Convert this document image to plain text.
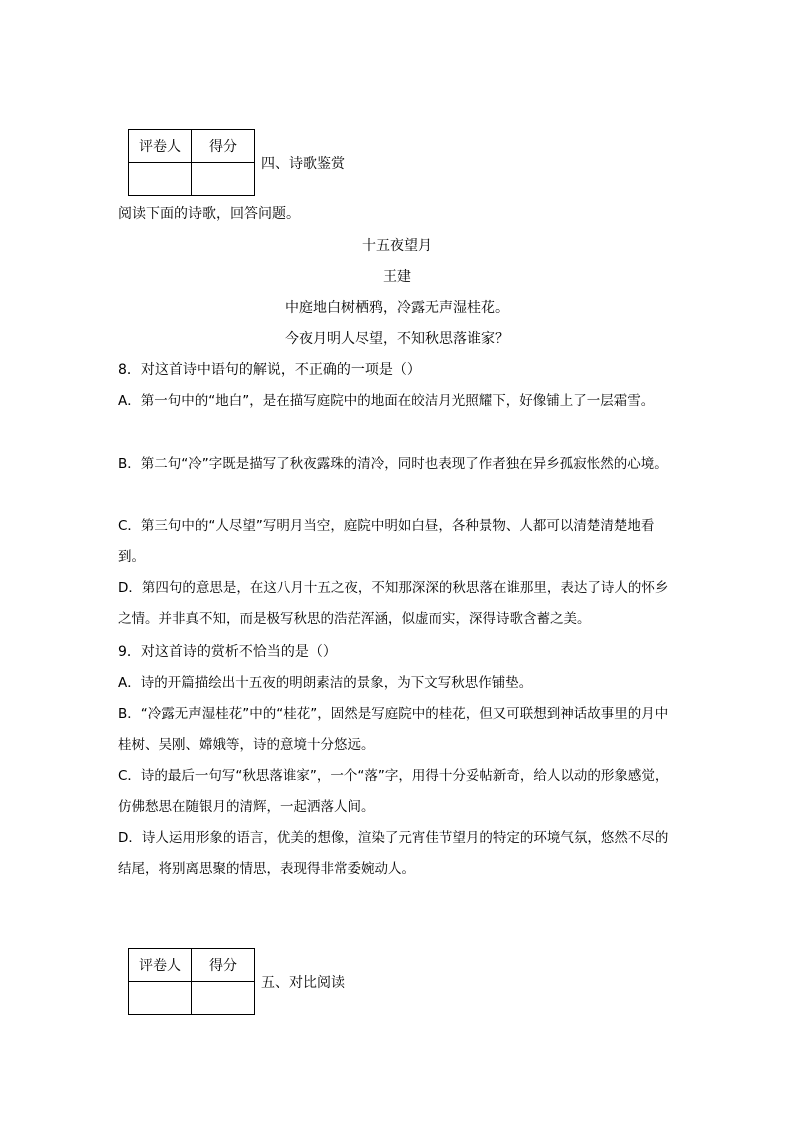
评卷人	得分

四、诗歌鉴赏
阅读下面的诗歌，回答问题。
十五夜望月
王建
中庭地白树栖鸦，冷露无声湿桂花。
今夜月明人尽望，不知秋思落谁家？
8．对这首诗中语句的解说，不正确的一项是（）
A．第一句中的“地白”，是在描写庭院中的地面在皎洁月光照耀下，好像铺上了一层霜雪。
B．第二句“冷”字既是描写了秋夜露珠的清冷，同时也表现了作者独在异乡孤寂怅然的心境。
C．第三句中的“人尽望”写明月当空，庭院中明如白昼，各种景物、人都可以清楚清楚地看到。
D．第四句的意思是，在这八月十五之夜，不知那深深的秋思落在谁那里，表达了诗人的怀乡之情。并非真不知，而是极写秋思的浩茫浑涵，似虚而实，深得诗歌含蓄之美。
9．对这首诗的赏析不恰当的是（）
A．诗的开篇描绘出十五夜的明朗素洁的景象，为下文写秋思作铺垫。
B．“冷露无声湿桂花”中的“桂花”，固然是写庭院中的桂花，但又可联想到神话故事里的月中桂树、吴刚、嫦娥等，诗的意境十分悠远。
C．诗的最后一句写“秋思落谁家”，一个“落”字，用得十分妥帖新奇，给人以动的形象感觉，仿佛愁思在随银月的清辉，一起洒落人间。
D．诗人运用形象的语言，优美的想像，渲染了元宵佳节望月的特定的环境气氛，悠然不尽的结尾，将别离思聚的情思，表现得非常委婉动人。
评卷人	得分

五、对比阅读
